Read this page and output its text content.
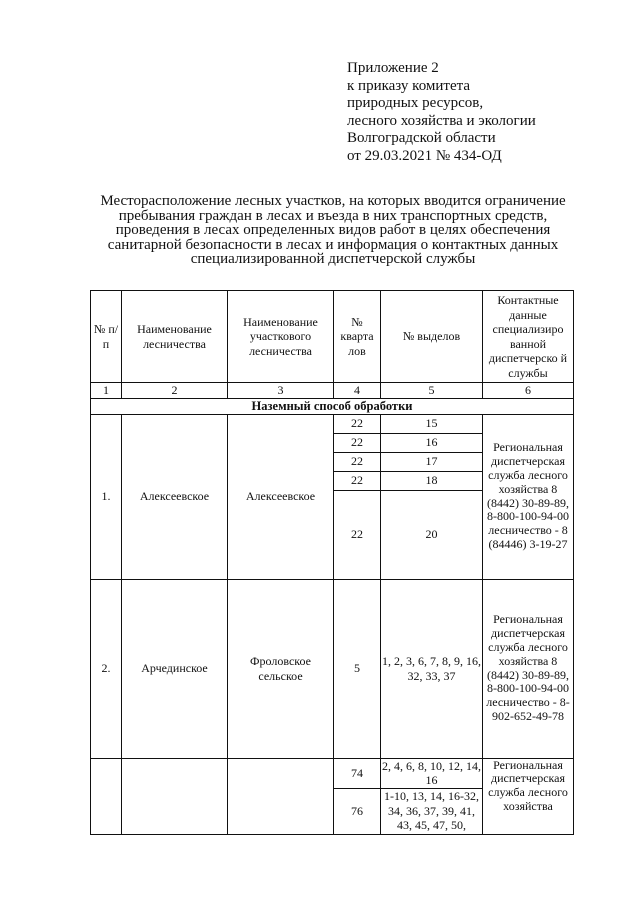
Приложение 2
к приказу комитета
природных ресурсов,
лесного хозяйства и экологии
Волгоградской области
от 29.03.2021 № 434-ОД
Месторасположение лесных участков, на которых вводится ограничение
пребывания граждан в лесах и въезда в них транспортных средств,
проведения в лесах определенных видов работ в целях обеспечения
санитарной безопасности в лесах и информация о контактных данных
специализированной диспетчерской службы
№ п/п	Наименование лесничества	Наименование участкового лесничества	№ кварта лов	№ выделов	Контактные данные специализиро ванной диспетчерско й службы
1	2	3	4	5	6
Наземный способ обработки					
1.	Алексеевское	Алексеевское	22	15	Региональная диспетчерская служба лесного хозяйства 8 (8442) 30-89-89, 8-800-100-94-00 лесничество - 8 (84446) 3-19-27
			22	16	
			22	17	
			22	18	
			22	20	
2.	Арчединское	Фроловское сельское	5	1, 2, 3, 6, 7, 8, 9, 16, 32, 33, 37	Региональная диспетчерская служба лесного хозяйства 8 (8442) 30-89-89, 8-800-100-94-00 лесничество - 8-902-652-49-78
			74	2, 4, 6, 8, 10, 12, 14, 16	Региональная диспетчерская служба лесного хозяйства
			76	1-10, 13, 14, 16-32, 34, 36, 37, 39, 41, 43, 45, 47, 50,	
